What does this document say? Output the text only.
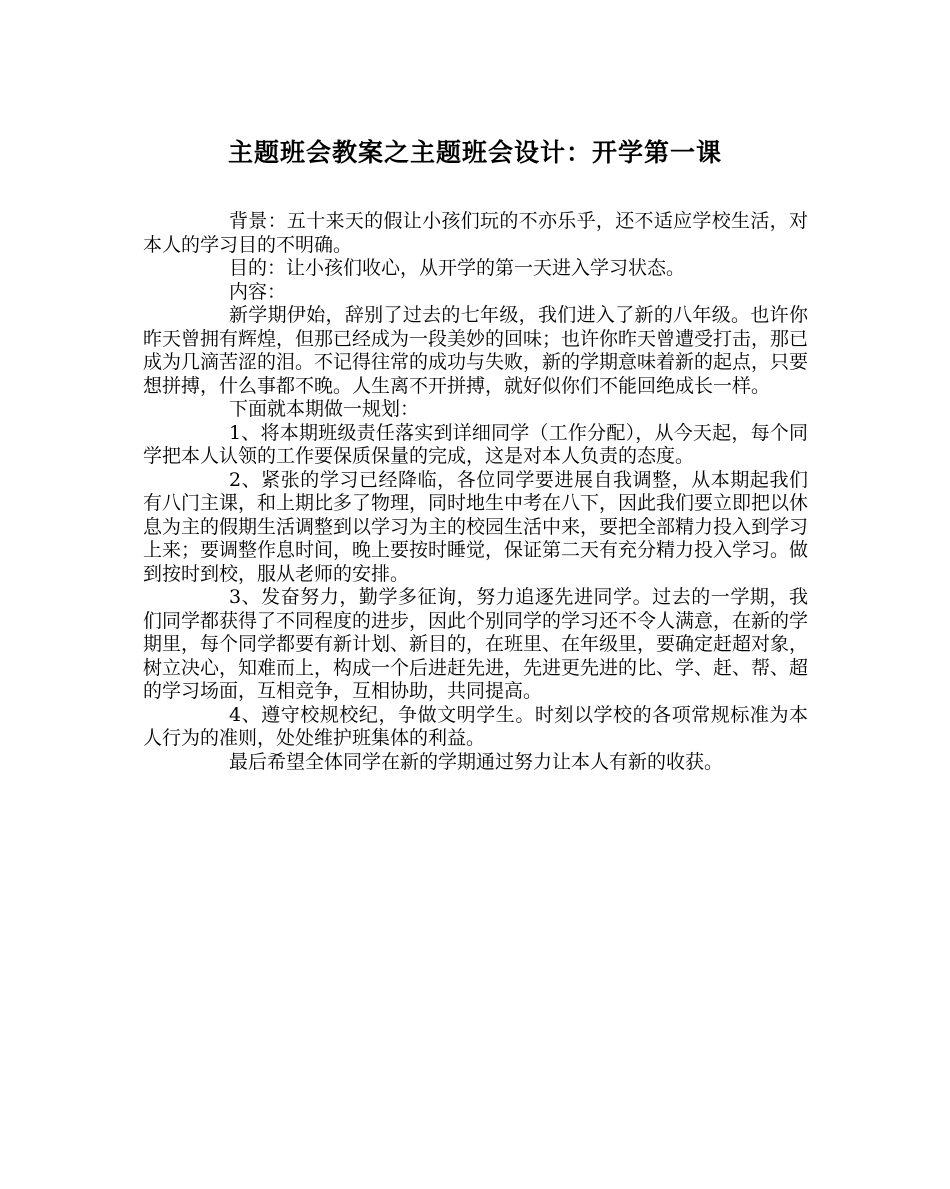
主题班会教案之主题班会设计：开学第一课

背景：五十来天的假让小孩们玩的不亦乐乎，还不适应学校生活，对本人的学习目的不明确。

目的：让小孩们收心，从开学的第一天进入学习状态。

内容：

新学期伊始，辞别了过去的七年级，我们进入了新的八年级。也许你昨天曾拥有辉煌，但那已经成为一段美妙的回味；也许你昨天曾遭受打击，那已成为几滴苦涩的泪。不记得往常的成功与失败，新的学期意味着新的起点，只要想拼搏，什么事都不晚。人生离不开拼搏，就好似你们不能回绝成长一样。

下面就本期做一规划：

1、将本期班级责任落实到详细同学（工作分配），从今天起，每个同学把本人认领的工作要保质保量的完成，这是对本人负责的态度。

2、紧张的学习已经降临，各位同学要进展自我调整，从本期起我们有八门主课，和上期比多了物理，同时地生中考在八下，因此我们要立即把以休息为主的假期生活调整到以学习为主的校园生活中来，要把全部精力投入到学习上来；要调整作息时间，晚上要按时睡觉，保证第二天有充分精力投入学习。做到按时到校，服从老师的安排。

3、发奋努力，勤学多征询，努力追逐先进同学。过去的一学期，我们同学都获得了不同程度的进步，因此个别同学的学习还不令人满意，在新的学期里，每个同学都要有新计划、新目的，在班里、在年级里，要确定赶超对象，树立决心，知难而上，构成一个后进赶先进，先进更先进的比、学、赶、帮、超的学习场面，互相竞争，互相协助，共同提高。

4、遵守校规校纪，争做文明学生。时刻以学校的各项常规标准为本人行为的准则，处处维护班集体的利益。

最后希望全体同学在新的学期通过努力让本人有新的收获。
